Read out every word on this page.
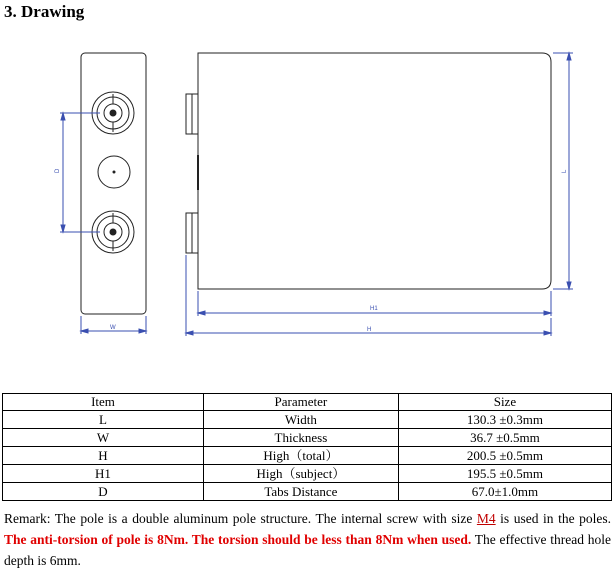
3. Drawing
D
W
L
H1
H
Item	Parameter	Size
L	Width	130.3 ±0.3mm
W	Thickness	36.7 ±0.5mm
H	High（total）	200.5 ±0.5mm
H1	High（subject）	195.5 ±0.5mm
D	Tabs Distance	67.0±1.0mm
Remark: The pole is a double aluminum pole structure. The internal screw with size M4 is used in the poles. The anti-torsion of pole is 8Nm. The torsion should be less than 8Nm when used. The effective thread hole depth is 6mm.
